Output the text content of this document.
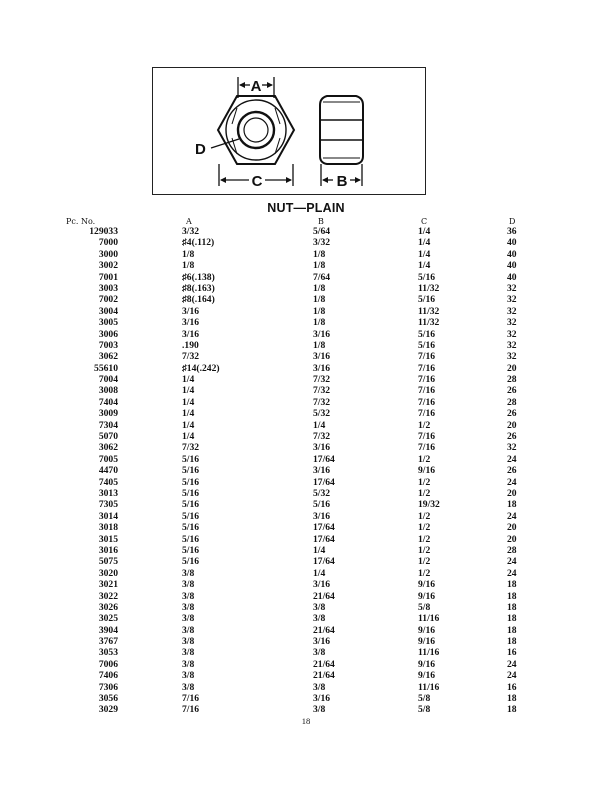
A
C
D
B
NUT—PLAIN
Pc. No.	A	B	C	D
129033	3/32	5/64	1/4	36
7000	♯4(.112)	3/32	1/4	40
3000	1/8	1/8	1/4	40
3002	1/8	1/8	1/4	40
7001	♯6(.138)	7/64	5/16	40
3003	♯8(.163)	1/8	11/32	32
7002	♯8(.164)	1/8	5/16	32
3004	3/16	1/8	11/32	32
3005	3/16	1/8	11/32	32
3006	3/16	3/16	5/16	32
7003	.190	1/8	5/16	32
3062	7/32	3/16	7/16	32
55610	♯14(.242)	3/16	7/16	20
7004	1/4	7/32	7/16	28
3008	1/4	7/32	7/16	26
7404	1/4	7/32	7/16	28
3009	1/4	5/32	7/16	26
7304	1/4	1/4	1/2	20
5070	1/4	7/32	7/16	26
3062	7/32	3/16	7/16	32
7005	5/16	17/64	1/2	24
4470	5/16	3/16	9/16	26
7405	5/16	17/64	1/2	24
3013	5/16	5/32	1/2	20
7305	5/16	5/16	19/32	18
3014	5/16	3/16	1/2	24
3018	5/16	17/64	1/2	20
3015	5/16	17/64	1/2	20
3016	5/16	1/4	1/2	28
5075	5/16	17/64	1/2	24
3020	3/8	1/4	1/2	24
3021	3/8	3/16	9/16	18
3022	3/8	21/64	9/16	18
3026	3/8	3/8	5/8	18
3025	3/8	3/8	11/16	18
3904	3/8	21/64	9/16	18
3767	3/8	3/16	9/16	18
3053	3/8	3/8	11/16	16
7006	3/8	21/64	9/16	24
7406	3/8	21/64	9/16	24
7306	3/8	3/8	11/16	16
3056	7/16	3/16	5/8	18
3029	7/16	3/8	5/8	18
18
